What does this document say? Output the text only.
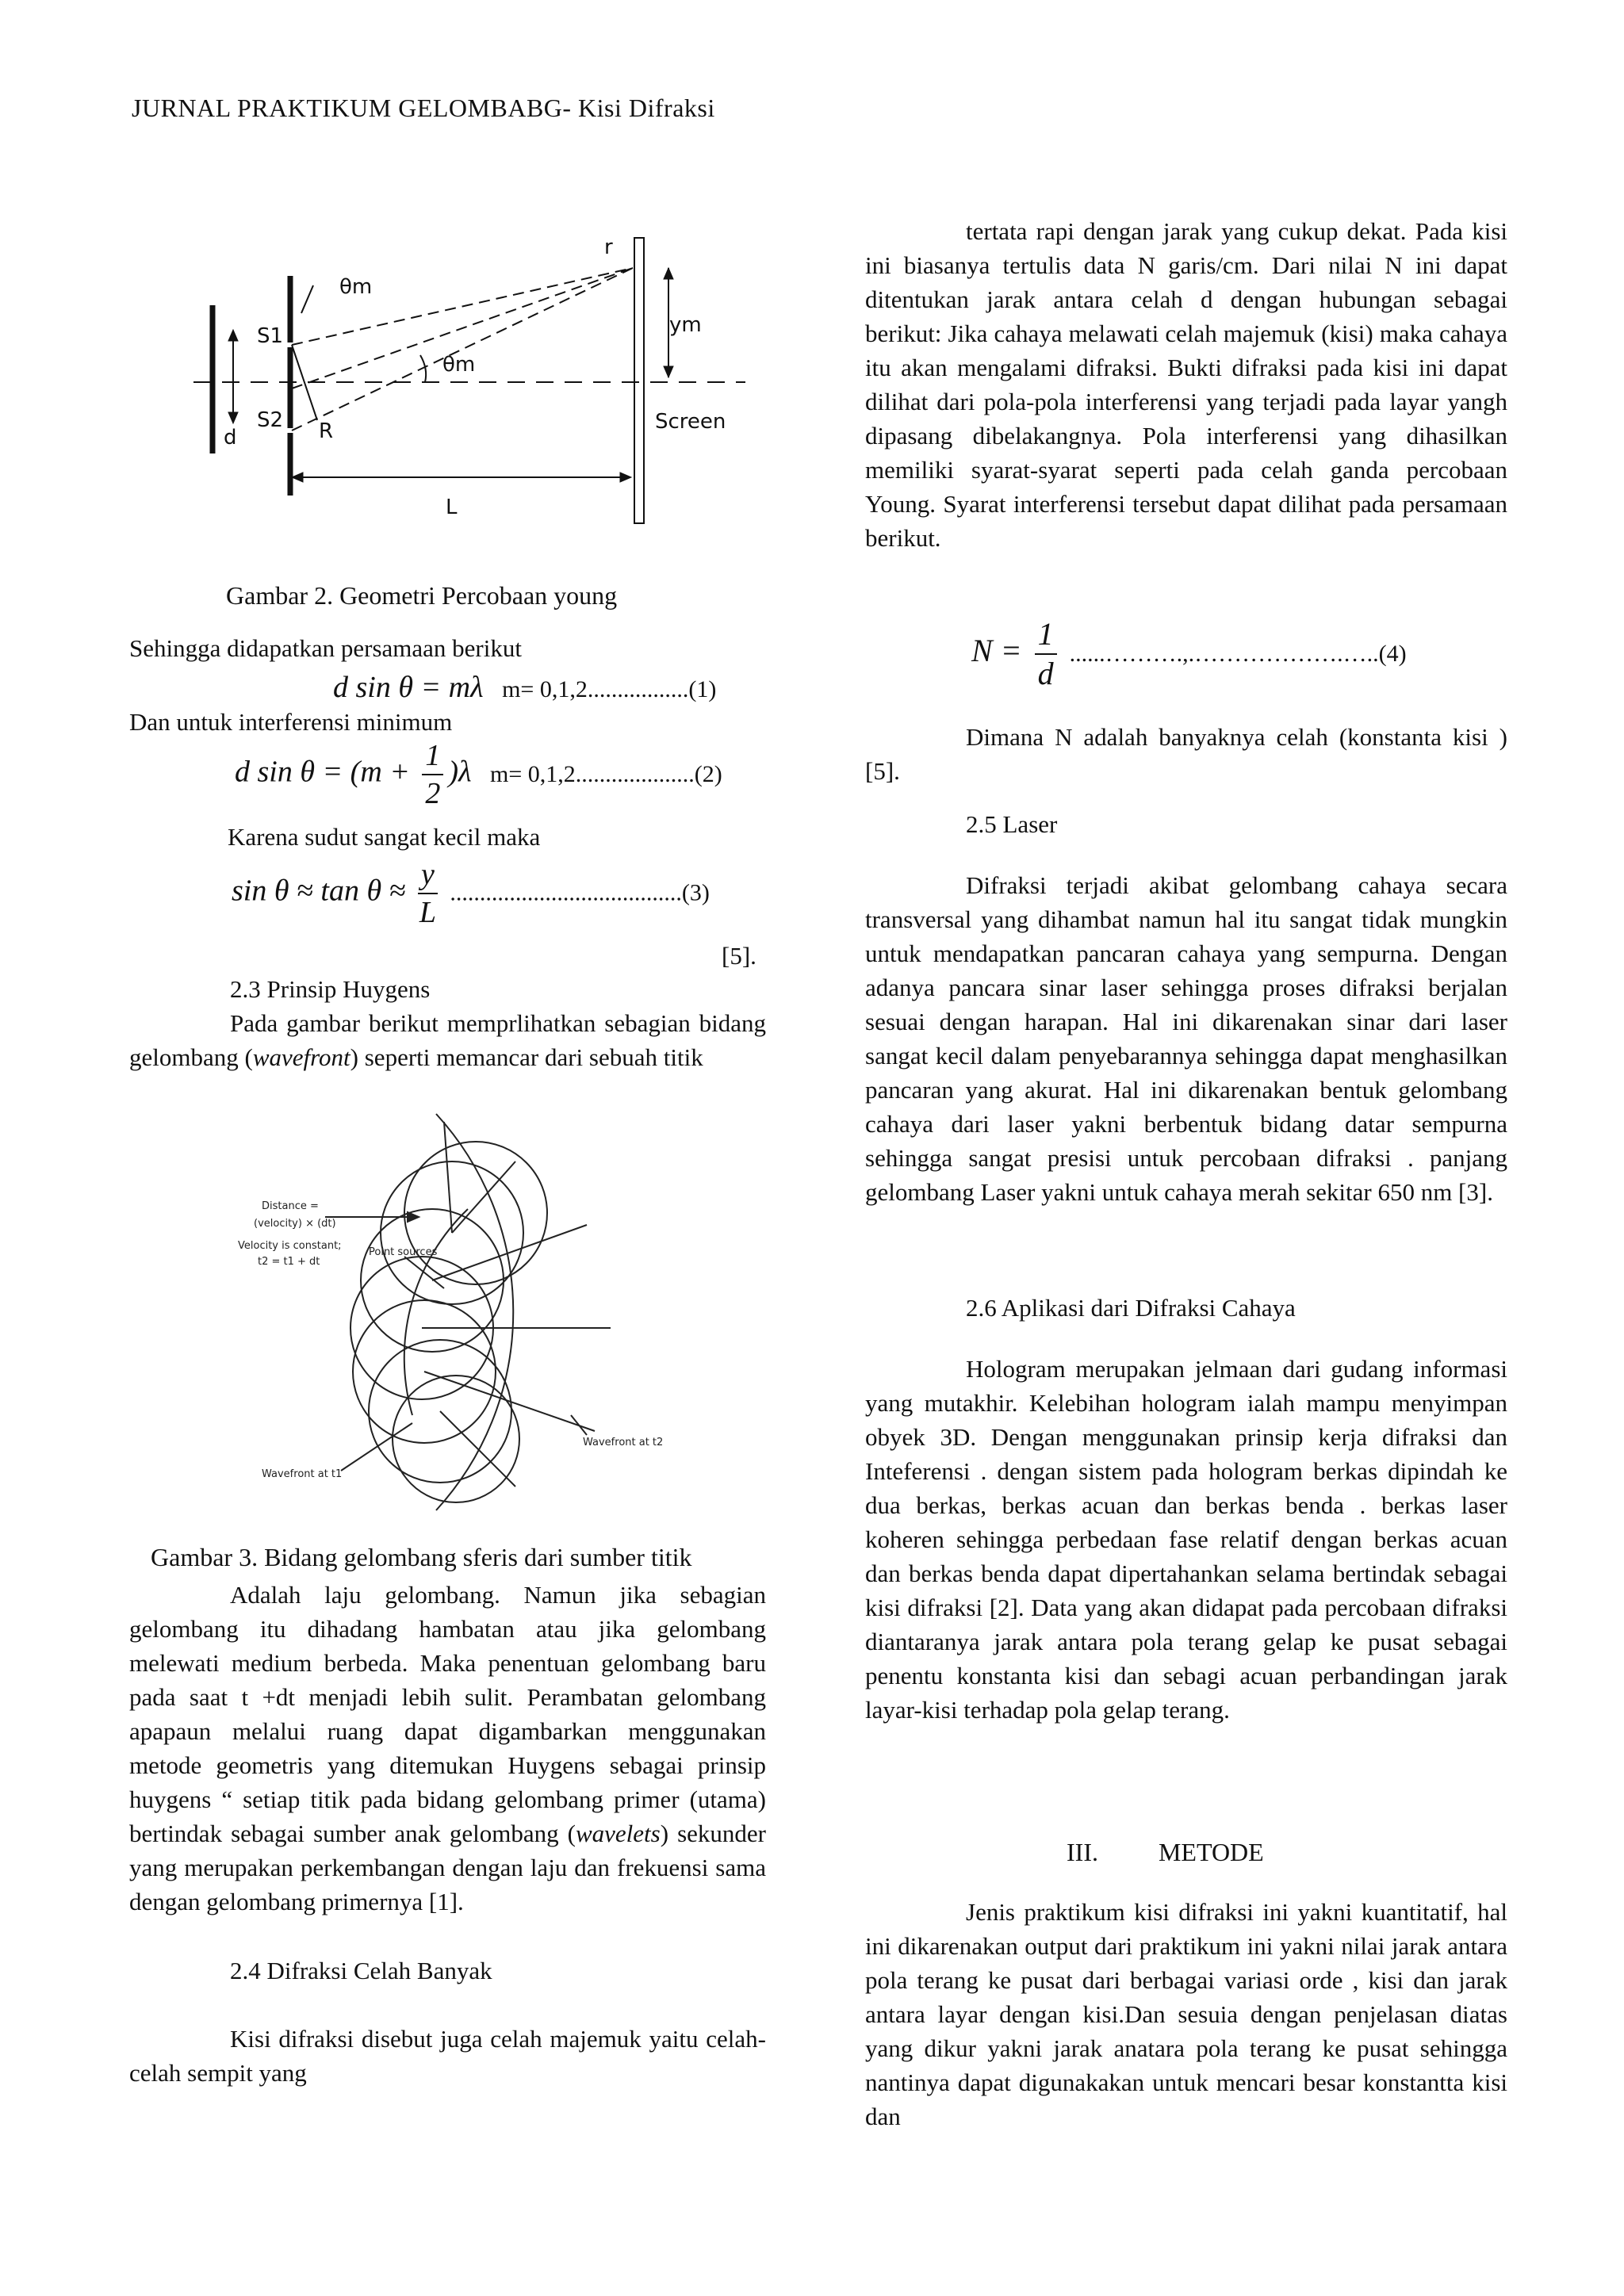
JURNAL PRAKTIKUM GELOMBABG- Kisi Difraksi
θm
θm
S1
S2
d
r
R
ym
Screen
L
Gambar 2. Geometri Percobaan young
Sehingga didapatkan persamaan berikut
d sin θ = mλ m= 0,1,2.................(1)
Dan untuk interferensi minimum
d $\sin \theta = (m + \frac{1}{2} )\lambda$ m= 0,1,2....................(2)
Karena sudut sangat kecil maka
$\sin \theta \approx \tan \theta \approx \frac{y}{L} .......................................(3)$
[5].

2.3 Prinsip Huygens

Pada gambar berikut memprlihatkan sebagian bidang gelombang (wavefront) seperti memancar dari sebuah titik

Distance =
(velocity) × (dt)
Velocity is constant;
t2 = t1 + dt
Point sources
Wavefront at t1
Wavefront at t2
Gambar 3. Bidang gelombang sferis dari sumber titik

Adalah laju gelombang. Namun jika sebagian gelombang itu dihadang hambatan atau jika gelombang melewati medium berbeda. Maka penentuan gelombang baru pada saat t +dt menjadi lebih sulit. Perambatan gelombang apapaun melalui ruang dapat digambarkan menggunakan metode geometris yang ditemukan Huygens sebagai prinsip huygens “ setiap titik pada bidang gelombang primer (utama) bertindak sebagai sumber anak gelombang (wavelets) sekunder yang merupakan perkembangan dengan laju dan frekuensi sama dengan gelombang primernya [1].

2.4 Difraksi Celah Banyak

Kisi difraksi disebut juga celah majemuk yaitu celah-celah sempit yang

tertata rapi dengan jarak yang cukup dekat. Pada kisi ini biasanya tertulis data N garis/cm. Dari nilai N ini dapat ditentukan jarak antara celah d dengan hubungan sebagai berikut: Jika cahaya melawati celah majemuk (kisi) maka cahaya itu akan mengalami difraksi. Bukti difraksi pada kisi ini dapat dilihat dari pola-pola interferensi yang terjadi pada layar yangh dipasang dibelakangnya. Pola interferensi yang dihasilkan memiliki syarat-syarat seperti pada celah ganda percobaan Young. Syarat interferensi tersebut dapat dilihat pada persamaan berikut.

$N = \frac{1}{d}$ ......……….,.……………….…..(4)

Dimana N adalah banyaknya celah (konstanta kisi )[5].

2.5 Laser

Difraksi terjadi akibat gelombang cahaya secara transversal yang dihambat namun hal itu sangat tidak mungkin untuk mendapatkan pancaran cahaya yang sempurna. Dengan adanya pancara sinar laser sehingga proses difraksi berjalan sesuai dengan harapan. Hal ini dikarenakan sinar dari laser sangat kecil dalam penyebarannya sehingga dapat menghasilkan pancaran yang akurat. Hal ini dikarenakan bentuk gelombang cahaya dari laser yakni berbentuk bidang datar sempurna sehingga sangat presisi untuk percobaan difraksi . panjang gelombang Laser yakni untuk cahaya merah sekitar 650 nm [3].

2.6 Aplikasi dari Difraksi Cahaya

Hologram merupakan jelmaan dari gudang informasi yang mutakhir. Kelebihan hologram ialah mampu menyimpan obyek 3D. Dengan menggunakan prinsip kerja difraksi dan Inteferensi . dengan sistem pada hologram berkas dipindah ke dua berkas, berkas acuan dan berkas benda . berkas laser koheren sehingga perbedaan fase relatif dengan berkas acuan dan berkas benda dapat dipertahankan selama bertindak sebagai kisi difraksi [2]. Data yang akan didapat pada percobaan difraksi diantaranya jarak antara pola terang gelap ke pusat sebagai penentu konstanta kisi dan sebagi acuan perbandingan jarak layar-kisi terhadap pola gelap terang.

III. METODE

Jenis praktikum kisi difraksi ini yakni kuantitatif, hal ini dikarenakan output dari praktikum ini yakni nilai jarak antara pola terang ke pusat dari berbagai variasi orde , kisi dan jarak antara layar dengan kisi.Dan sesuia dengan penjelasan diatas yang dikur yakni jarak anatara pola terang ke pusat sehingga nantinya dapat digunakakan untuk mencari besar konstantta kisi dan
